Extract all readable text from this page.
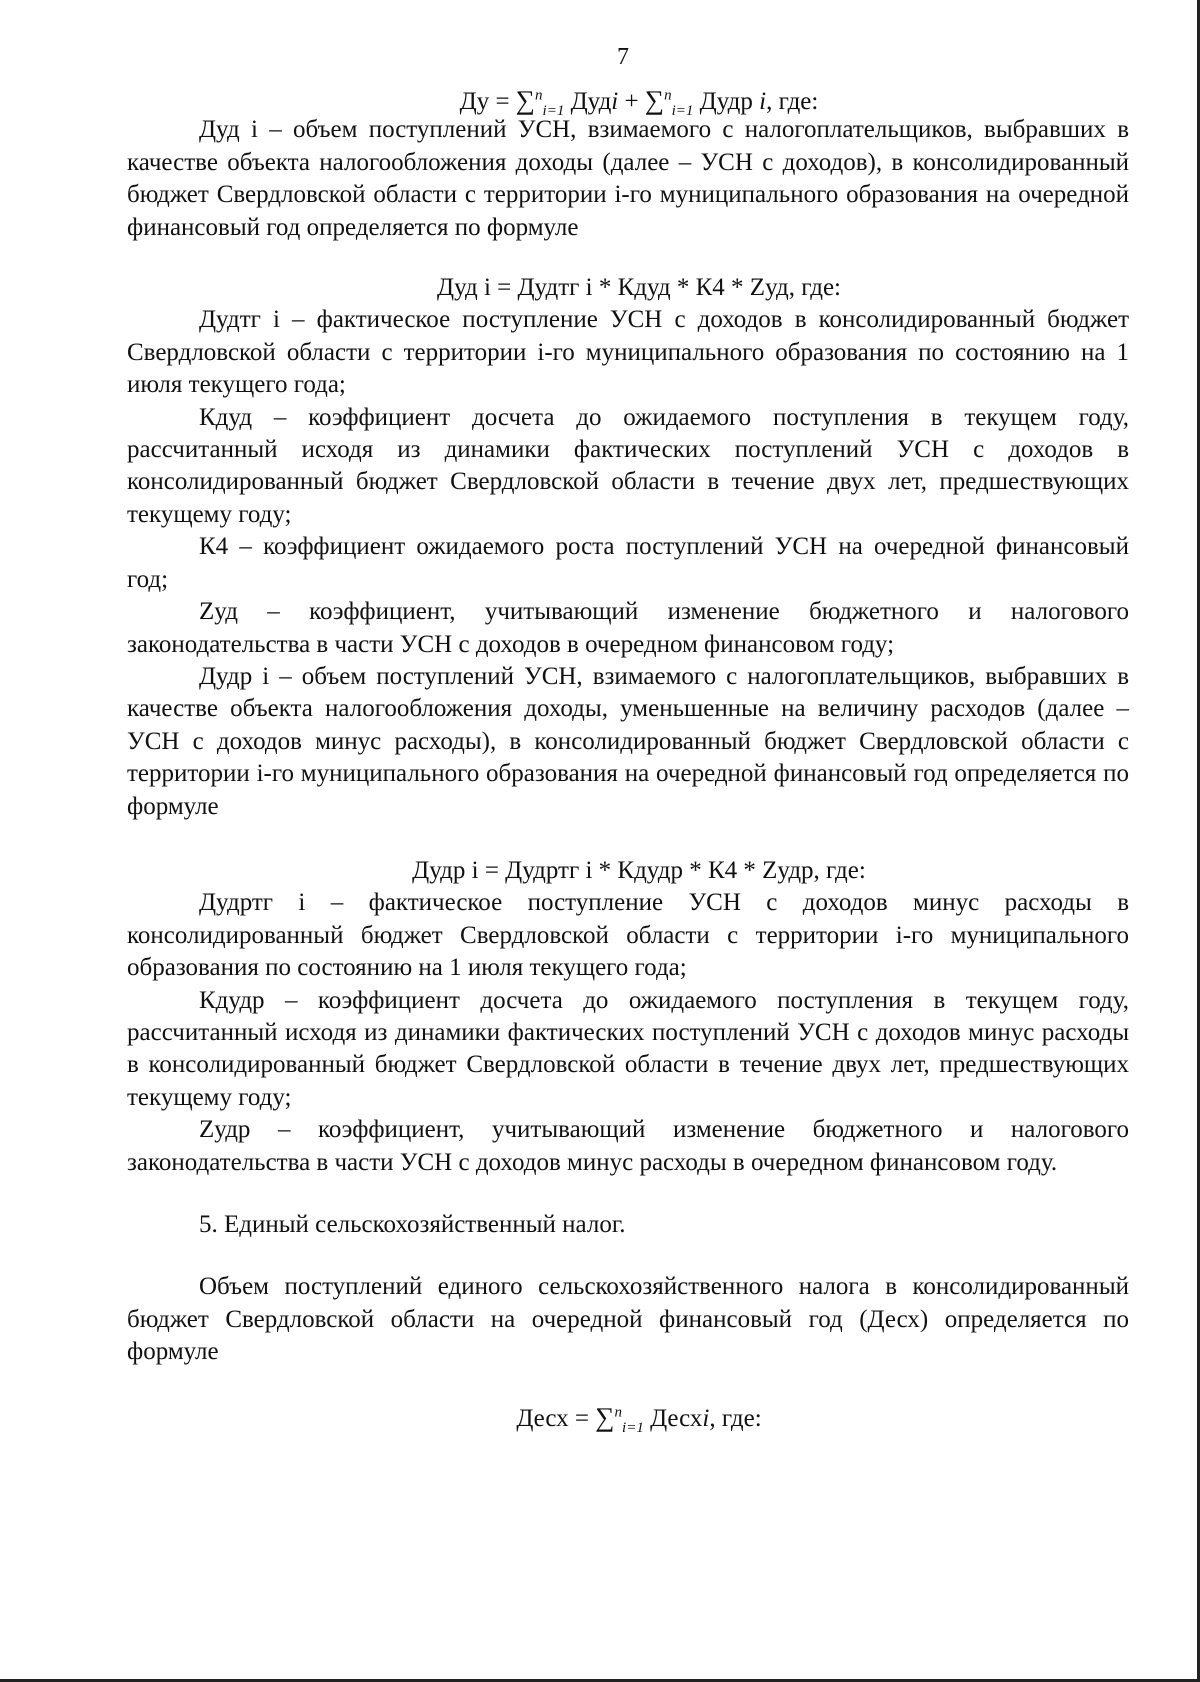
7
Ду = ∑$^n_{i=1}$ Дудi + ∑$^n_{i=1}$ Дудр i, где:

Дуд i – объем поступлений УСН, взимаемого с налогоплательщиков, выбравших в качестве объекта налогообложения доходы (далее – УСН с доходов), в консолидированный бюджет Свердловской области с территории i-го муниципального образования на очередной финансовый год определяется по формуле

Дуд i = Дудтг i * Кдуд * К4 * Zуд, где:

Дудтг i – фактическое поступление УСН с доходов в консолидированный бюджет Свердловской области с территории i-го муниципального образования по состоянию на 1 июля текущего года;

Кдуд – коэффициент досчета до ожидаемого поступления в текущем году, рассчитанный исходя из динамики фактических поступлений УСН с доходов в консолидированный бюджет Свердловской области в течение двух лет, предшествующих текущему году;

К4 – коэффициент ожидаемого роста поступлений УСН на очередной финансовый год;

Zуд – коэффициент, учитывающий изменение бюджетного и налогового законодательства в части УСН с доходов в очередном финансовом году;

Дудр i – объем поступлений УСН, взимаемого с налогоплательщиков, выбравших в качестве объекта налогообложения доходы, уменьшенные на величину расходов (далее – УСН с доходов минус расходы), в консолидированный бюджет Свердловской области с территории i-го муниципального образования на очередной финансовый год определяется по формуле

Дудр i = Дудртг i * Кдудр * К4 * Zудр, где:

Дудртг i – фактическое поступление УСН с доходов минус расходы в консолидированный бюджет Свердловской области с территории i-го муниципального образования по состоянию на 1 июля текущего года;

Кдудр – коэффициент досчета до ожидаемого поступления в текущем году, рассчитанный исходя из динамики фактических поступлений УСН с доходов минус расходы в консолидированный бюджет Свердловской области в течение двух лет, предшествующих текущему году;

Zудр – коэффициент, учитывающий изменение бюджетного и налогового законодательства в части УСН с доходов минус расходы в очередном финансовом году.

5. Единый сельскохозяйственный налог.

Объем поступлений единого сельскохозяйственного налога в консолидированный бюджет Свердловской области на очередной финансовый год (Десх) определяется по формуле

Десх = ∑$^n_{i=1}$ Десхi, где:
